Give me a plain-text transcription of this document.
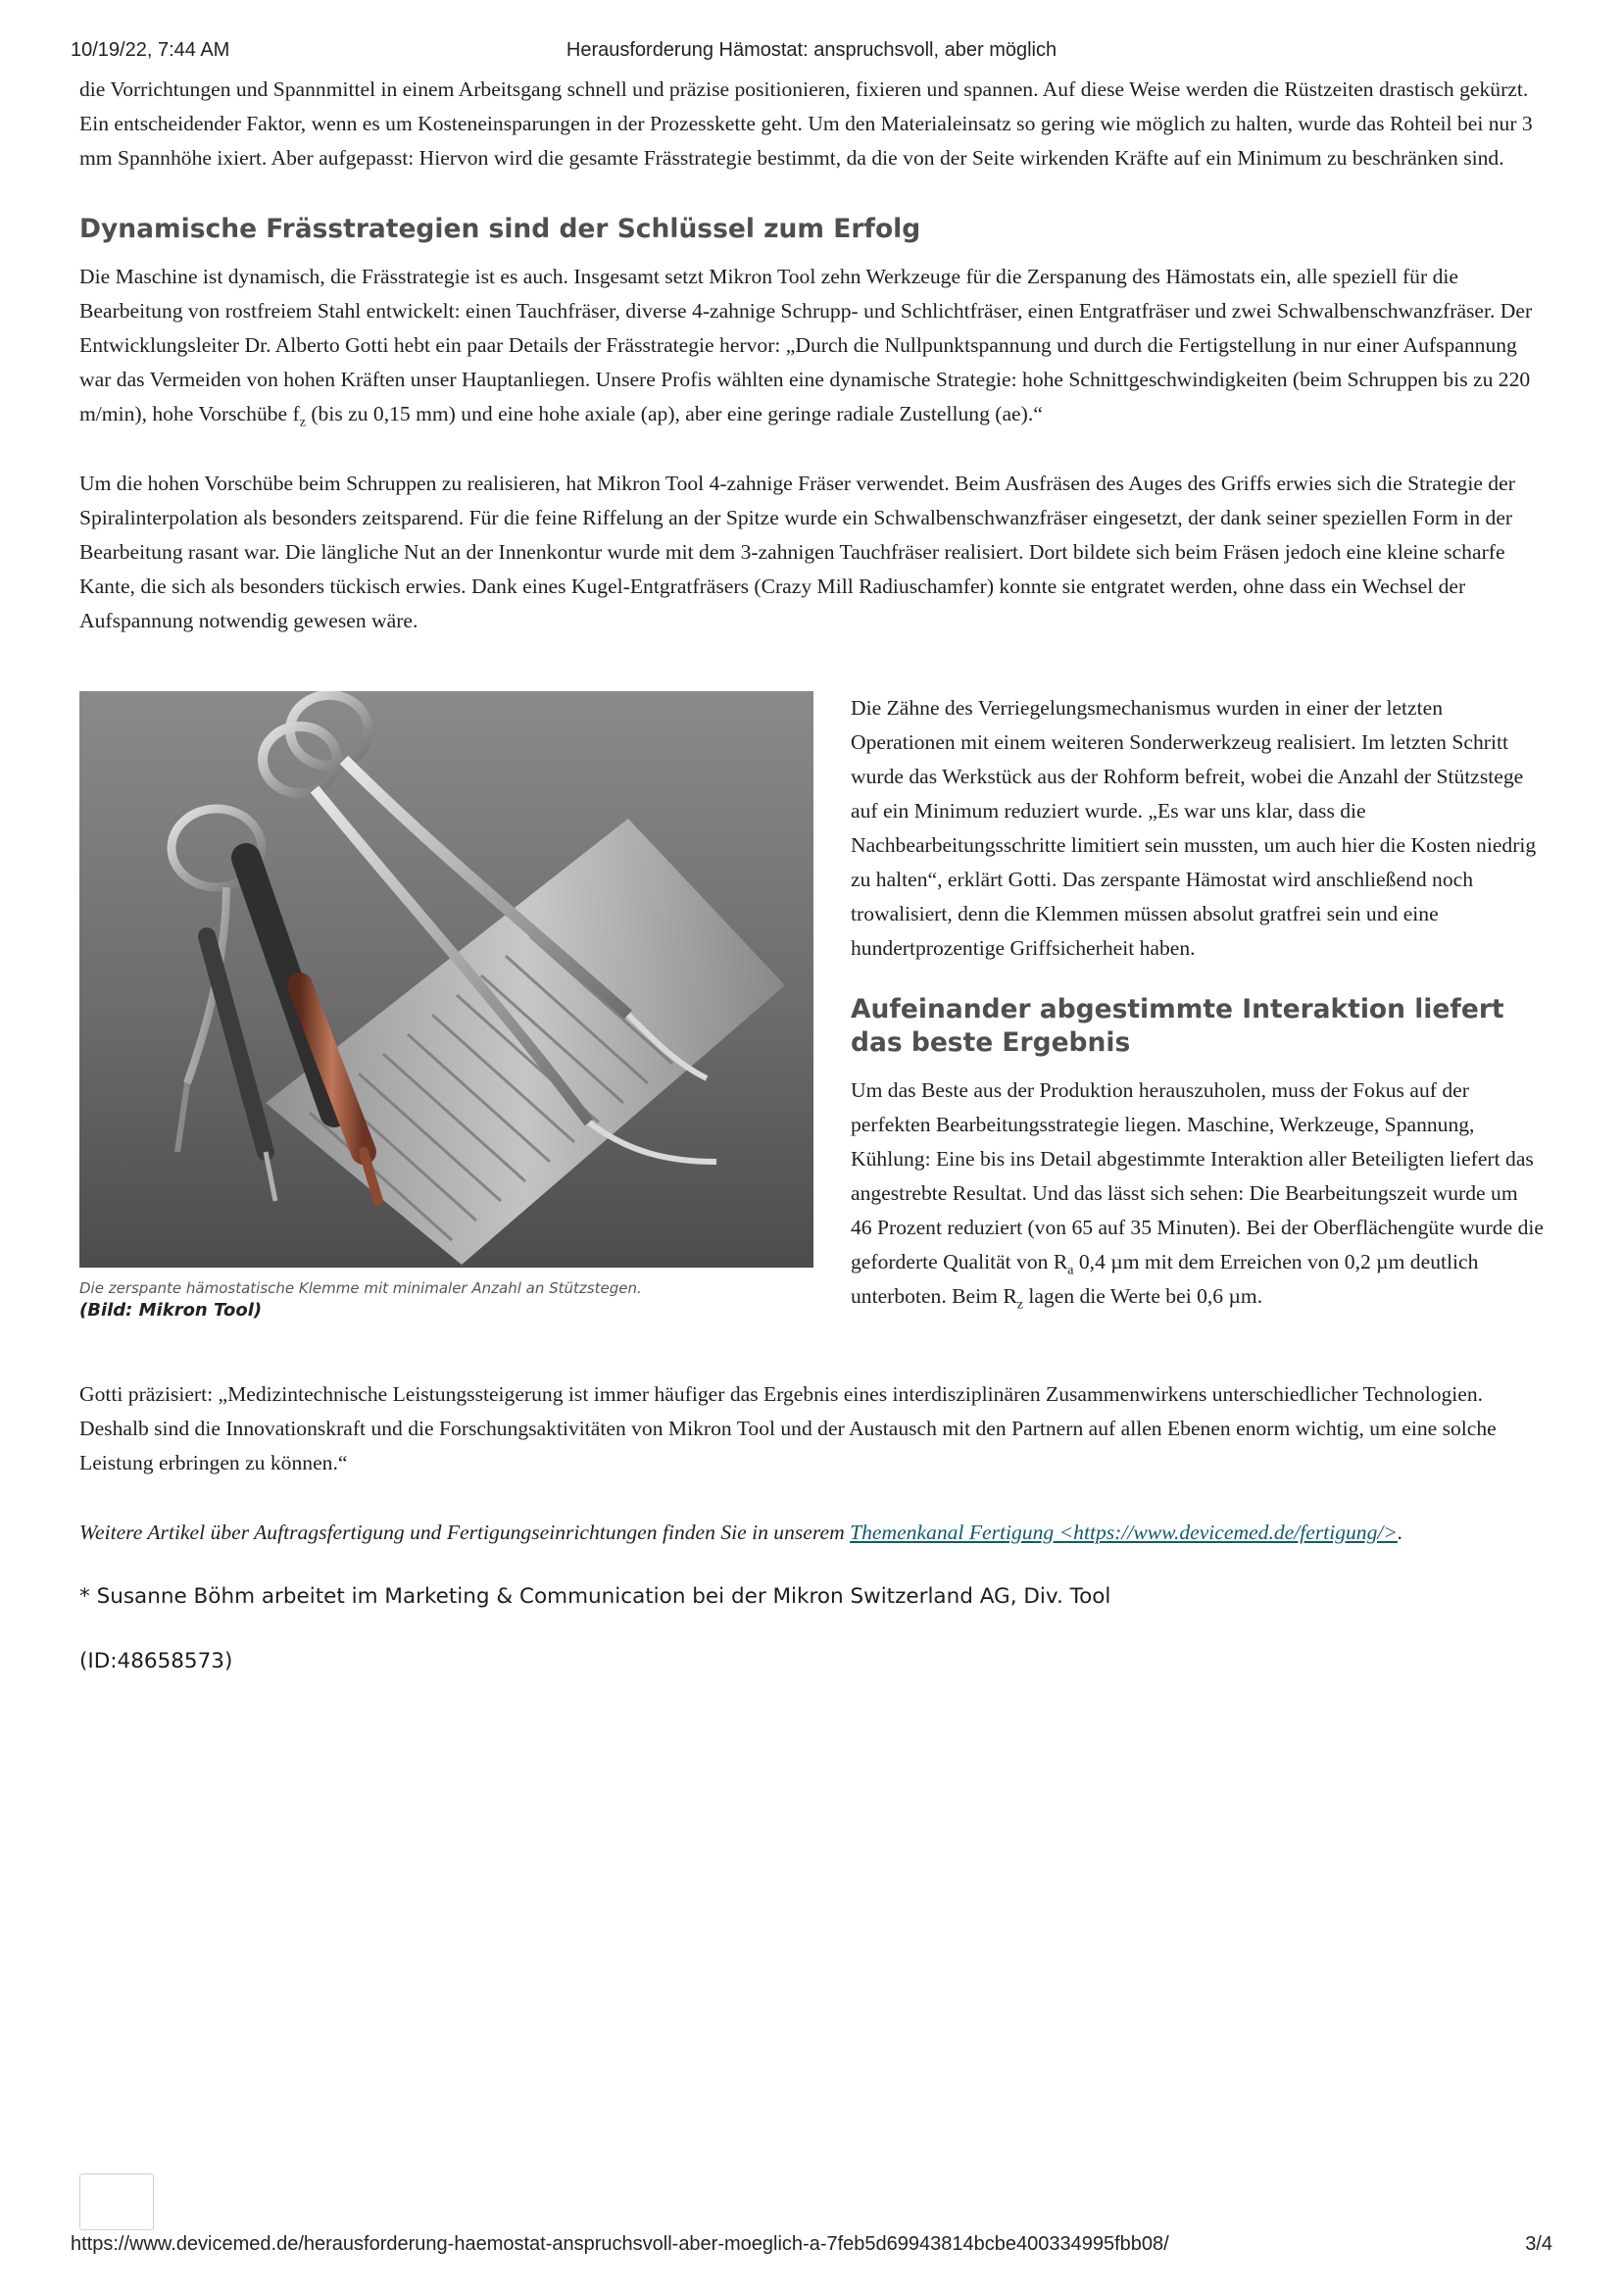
10/19/22, 7:44 AM	Herausforderung Hämostat: anspruchsvoll, aber möglich

die Vorrichtungen und Spannmittel in einem Arbeitsgang schnell und präzise positionieren, fixieren und spannen. Auf diese Weise werden die Rüstzeiten drastisch gekürzt. Ein entscheidender Faktor, wenn es um Kosteneinsparungen in der Prozesskette geht. Um den Materialeinsatz so gering wie möglich zu halten, wurde das Rohteil bei nur 3 mm Spannhöhe ixiert. Aber aufgepasst: Hiervon wird die gesamte Frässtrategie bestimmt, da die von der Seite wirkenden Kräfte auf ein Minimum zu beschränken sind.

Dynamische Frässtrategien sind der Schlüssel zum Erfolg

Die Maschine ist dynamisch, die Frässtrategie ist es auch. Insgesamt setzt Mikron Tool zehn Werkzeuge für die Zerspanung des Hämostats ein, alle speziell für die Bearbeitung von rostfreiem Stahl entwickelt: einen Tauchfräser, diverse 4-zahnige Schrupp- und Schlichtfräser, einen Entgratfräser und zwei Schwalbenschwanzfräser. Der Entwicklungsleiter Dr. Alberto Gotti hebt ein paar Details der Frässtrategie hervor: „Durch die Nullpunktspannung und durch die Fertigstellung in nur einer Aufspannung war das Vermeiden von hohen Kräften unser Hauptanliegen. Unsere Profis wählten eine dynamische Strategie: hohe Schnittgeschwindigkeiten (beim Schruppen bis zu 220 m/min), hohe Vorschübe $f_z$ (bis zu 0,15 mm) und eine hohe axiale (ap), aber eine geringe radiale Zustellung (ae).“

Um die hohen Vorschübe beim Schruppen zu realisieren, hat Mikron Tool 4-zahnige Fräser verwendet. Beim Ausfräsen des Auges des Griffs erwies sich die Strategie der Spiralinterpolation als besonders zeitsparend. Für die feine Riffelung an der Spitze wurde ein Schwalbenschwanzfräser eingesetzt, der dank seiner speziellen Form in der Bearbeitung rasant war. Die längliche Nut an der Innenkontur wurde mit dem 3-zahnigen Tauchfräser realisiert. Dort bildete sich beim Fräsen jedoch eine kleine scharfe Kante, die sich als besonders tückisch erwies. Dank eines Kugel-Entgratfräsers (Crazy Mill Radiuschamfer) konnte sie entgratet werden, ohne dass ein Wechsel der Aufspannung notwendig gewesen wäre.

Die zerspante hämostatische Klemme mit minimaler Anzahl an Stützstegen.
(Bild: Mikron Tool)

Die Zähne des Verriegelungsmechanismus wurden in einer der letzten Operationen mit einem weiteren Sonderwerkzeug realisiert. Im letzten Schritt wurde das Werkstück aus der Rohform befreit, wobei die Anzahl der Stützstege auf ein Minimum reduziert wurde. „Es war uns klar, dass die Nachbearbeitungsschritte limitiert sein mussten, um auch hier die Kosten niedrig zu halten“, erklärt Gotti. Das zerspante Hämostat wird anschließend noch trowalisiert, denn die Klemmen müssen absolut gratfrei sein und eine hundertprozentige Griffsicherheit haben.

Aufeinander abgestimmte Interaktion liefert das beste Ergebnis

Um das Beste aus der Produktion herauszuholen, muss der Fokus auf der perfekten Bearbeitungsstrategie liegen. Maschine, Werkzeuge, Spannung, Kühlung: Eine bis ins Detail abgestimmte Interaktion aller Beteiligten liefert das angestrebte Resultat. Und das lässt sich sehen: Die Bearbeitungszeit wurde um 46 Prozent reduziert (von 65 auf 35 Minuten). Bei der Oberflächengüte wurde die geforderte Qualität von $R_a$ 0,4 µm mit dem Erreichen von 0,2 µm deutlich unterboten. Beim $R_z$ lagen die Werte bei 0,6 µm.

Gotti präzisiert: „Medizintechnische Leistungssteigerung ist immer häufiger das Ergebnis eines interdisziplinären Zusammenwirkens unterschiedlicher Technologien. Deshalb sind die Innovationskraft und die Forschungsaktivitäten von Mikron Tool und der Austausch mit den Partnern auf allen Ebenen enorm wichtig, um eine solche Leistung erbringen zu können.“

Weitere Artikel über Auftragsfertigung und Fertigungseinrichtungen finden Sie in unserem Themenkanal Fertigung <https://www.devicemed.de/fertigung/>.

* Susanne Böhm arbeitet im Marketing & Communication bei der Mikron Switzerland AG, Div. Tool
(ID:48658573)
https://www.devicemed.de/herausforderung-haemostat-anspruchsvoll-aber-moeglich-a-7feb5d69943814bcbe400334995fbb08/	3/4
